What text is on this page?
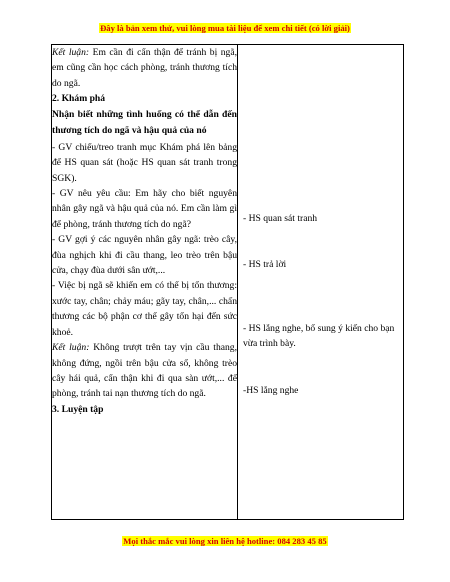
Đây là bản xem thử, vui lòng mua tài liệu để xem chi tiết (có lời giải)

Kết luận: Em cần đi cẩn thận để tránh bị ngã, em cũng cần học cách phòng, tránh thương tích do ngã.

2. Khám phá

Nhận biết những tình huống có thể dẫn đến thương tích do ngã và hậu quả của nó

- GV chiếu/treo tranh mục Khám phá lên bảng để HS quan sát (hoặc HS quan sát tranh trong SGK).

- GV nêu yêu cầu: Em hãy cho biết nguyên nhân gây ngã và hậu quả của nó. Em cần làm gì để phòng, tránh thương tích do ngã?

- GV gợi ý các nguyên nhân gây ngã: trèo cây, đùa nghịch khi đi cầu thang, leo trèo trên bậu cửa, chạy đùa dưới sân ướt,...

- Việc bị ngã sẽ khiến em có thể bị tổn thương: xước tay, chân; chảy máu; gãy tay, chân,... chấn thương các bộ phận cơ thể gây tổn hại đến sức khoẻ.

Kết luận: Không trượt trên tay vịn cầu thang, không đứng, ngồi trên bậu cửa sổ, không trèo cây hái quả, cẩn thận khi đi qua sàn ướt,... để phòng, tránh tai nạn thương tích do ngã.

3. Luyện tập

- HS quan sát tranh
- HS trả lời
- HS lắng nghe, bổ sung ý kiến cho bạn vừa trình bày.
-HS lắng nghe
Mọi thắc mắc vui lòng xin liên hệ hotline: 084 283 45 85
